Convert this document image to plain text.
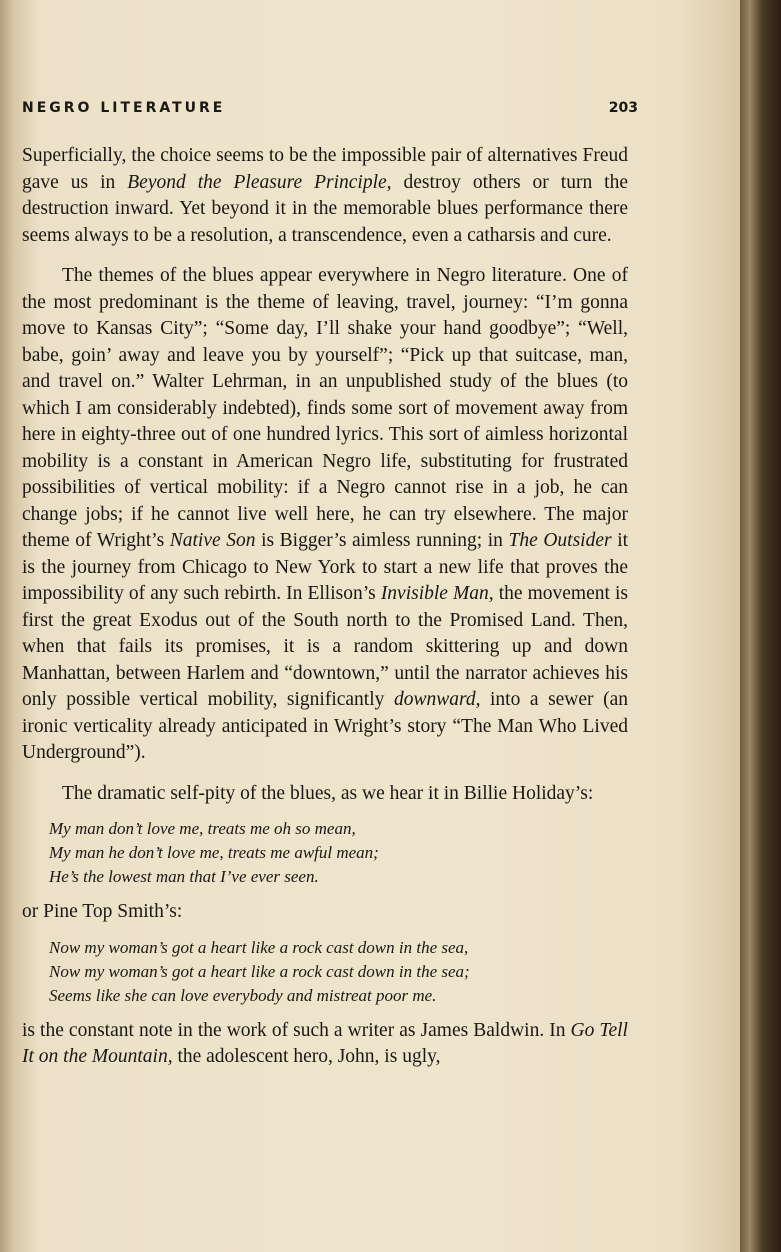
NEGRO LITERATURE	203

Superficially, the choice seems to be the impossible pair of alternatives Freud gave us in Beyond the Pleasure Principle, destroy others or turn the destruction inward. Yet beyond it in the memorable blues performance there seems always to be a resolution, a transcendence, even a catharsis and cure.

The themes of the blues appear everywhere in Negro literature. One of the most predominant is the theme of leaving, travel, journey: “I’m gonna move to Kansas City”; “Some day, I’ll shake your hand goodbye”; “Well, babe, goin’ away and leave you by yourself”; “Pick up that suitcase, man, and travel on.” Walter Lehrman, in an unpublished study of the blues (to which I am considerably indebted), finds some sort of movement away from here in eighty-three out of one hundred lyrics. This sort of aimless horizontal mobility is a constant in American Negro life, substituting for frustrated possibilities of vertical mobility: if a Negro cannot rise in a job, he can change jobs; if he cannot live well here, he can try elsewhere. The major theme of Wright’s Native Son is Bigger’s aimless running; in The Outsider it is the journey from Chicago to New York to start a new life that proves the impossibility of any such rebirth. In Ellison’s Invisible Man, the movement is first the great Exodus out of the South north to the Promised Land. Then, when that fails its promises, it is a random skittering up and down Manhattan, between Harlem and “downtown,” until the narrator achieves his only possible vertical mobility, significantly downward, into a sewer (an ironic verticality already anticipated in Wright’s story “The Man Who Lived Underground”).

The dramatic self-pity of the blues, as we hear it in Billie Holiday’s:

My man don’t love me, treats me oh so mean,
My man he don’t love me, treats me awful mean;
He’s the lowest man that I’ve ever seen.

or Pine Top Smith’s:

Now my woman’s got a heart like a rock cast down in the sea,
Now my woman’s got a heart like a rock cast down in the sea;
Seems like she can love everybody and mistreat poor me.

is the constant note in the work of such a writer as James Baldwin. In Go Tell It on the Mountain, the adolescent hero, John, is ugly,
